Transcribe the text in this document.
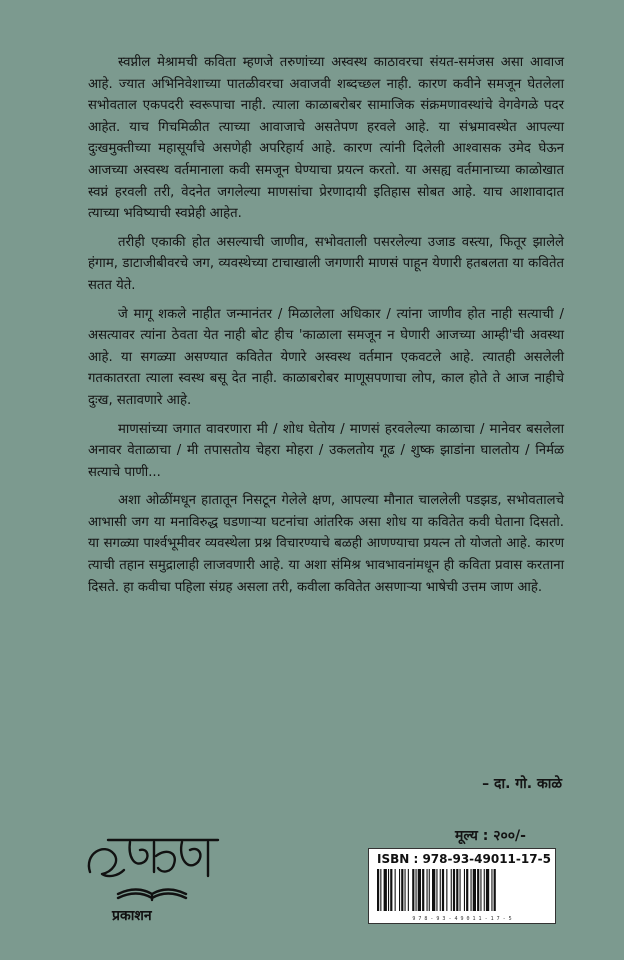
स्वप्नील मेश्रामची कविता म्हणजे तरुणांच्या अस्वस्थ काठावरचा संयत-समंजस असा आवाज आहे. ज्यात अभिनिवेशाच्या पातळीवरचा अवाजवी शब्दच्छल नाही. कारण कवीने समजून घेतलेला सभोवताल एकपदरी स्वरूपाचा नाही. त्याला काळाबरोबर सामाजिक संक्रमणावस्थांचे वेगवेगळे पदर आहेत. याच गिचमिळीत त्याच्या आवाजाचे असतेपण हरवले आहे. या संभ्रमावस्थेत आपल्या दुःखमुक्तीच्या महासूर्यांचे असणेही अपरिहार्य आहे. कारण त्यांनी दिलेली आश्वासक उमेद घेऊन आजच्या अस्वस्थ वर्तमानाला कवी समजून घेण्याचा प्रयत्न करतो. या असह्य वर्तमानाच्या काळोखात स्वप्नं हरवली तरी, वेदनेत जगलेल्या माणसांचा प्रेरणादायी इतिहास सोबत आहे. याच आशावादात त्याच्या भविष्याची स्वप्नेही आहेत.

तरीही एकाकी होत असल्याची जाणीव, सभोवताली पसरलेल्या उजाड वस्त्या, फितूर झालेले हंगाम, डाटाजीबीवरचे जग, व्यवस्थेच्या टाचाखाली जगणारी माणसं पाहून येणारी हतबलता या कवितेत सतत येते.

जे मागू शकले नाहीत जन्मानंतर / मिळालेला अधिकार / त्यांना जाणीव होत नाही सत्याची / असत्यावर त्यांना ठेवता येत नाही बोट हीच 'काळाला समजून न घेणारी आजच्या आम्ही'ची अवस्था आहे. या सगळ्या असण्यात कवितेत येणारे अस्वस्थ वर्तमान एकवटले आहे. त्यातही असलेली गतकातरता त्याला स्वस्थ बसू देत नाही. काळाबरोबर माणूसपणाचा लोप, काल होते ते आज नाहीचे दुःख, सतावणारे आहे.

माणसांच्या जगात वावरणारा मी / शोध घेतोय / माणसं हरवलेल्या काळाचा / मानेवर बसलेला अनावर वेताळाचा / मी तपासतोय चेहरा मोहरा / उकलतोय गूढ / शुष्क झाडांना घालतोय / निर्मळ सत्याचे पाणी...

अशा ओळींमधून हातातून निसटून गेलेले क्षण, आपल्या मौनात चाललेली पडझड, सभोवतालचे आभासी जग या मनाविरुद्ध घडणाऱ्या घटनांचा आंतरिक असा शोध या कवितेत कवी घेताना दिसतो. या सगळ्या पार्श्वभूमीवर व्यवस्थेला प्रश्न विचारण्याचे बळही आणण्याचा प्रयत्न तो योजतो आहे. कारण त्याची तहान समुद्रालाही लाजवणारी आहे. या अशा संमिश्र भावभावनांमधून ही कविता प्रवास करताना दिसते. हा कवीचा पहिला संग्रह असला तरी, कवीला कवितेत असणाऱ्या भाषेची उत्तम जाण आहे.

– दा. गो. काळे
मूल्य : २००/-
ISBN : 978-93-49011-17-5
9 7 8 - 9 3 - 4 9 0 1 1 - 1 7 - 5
प्रकाशन
